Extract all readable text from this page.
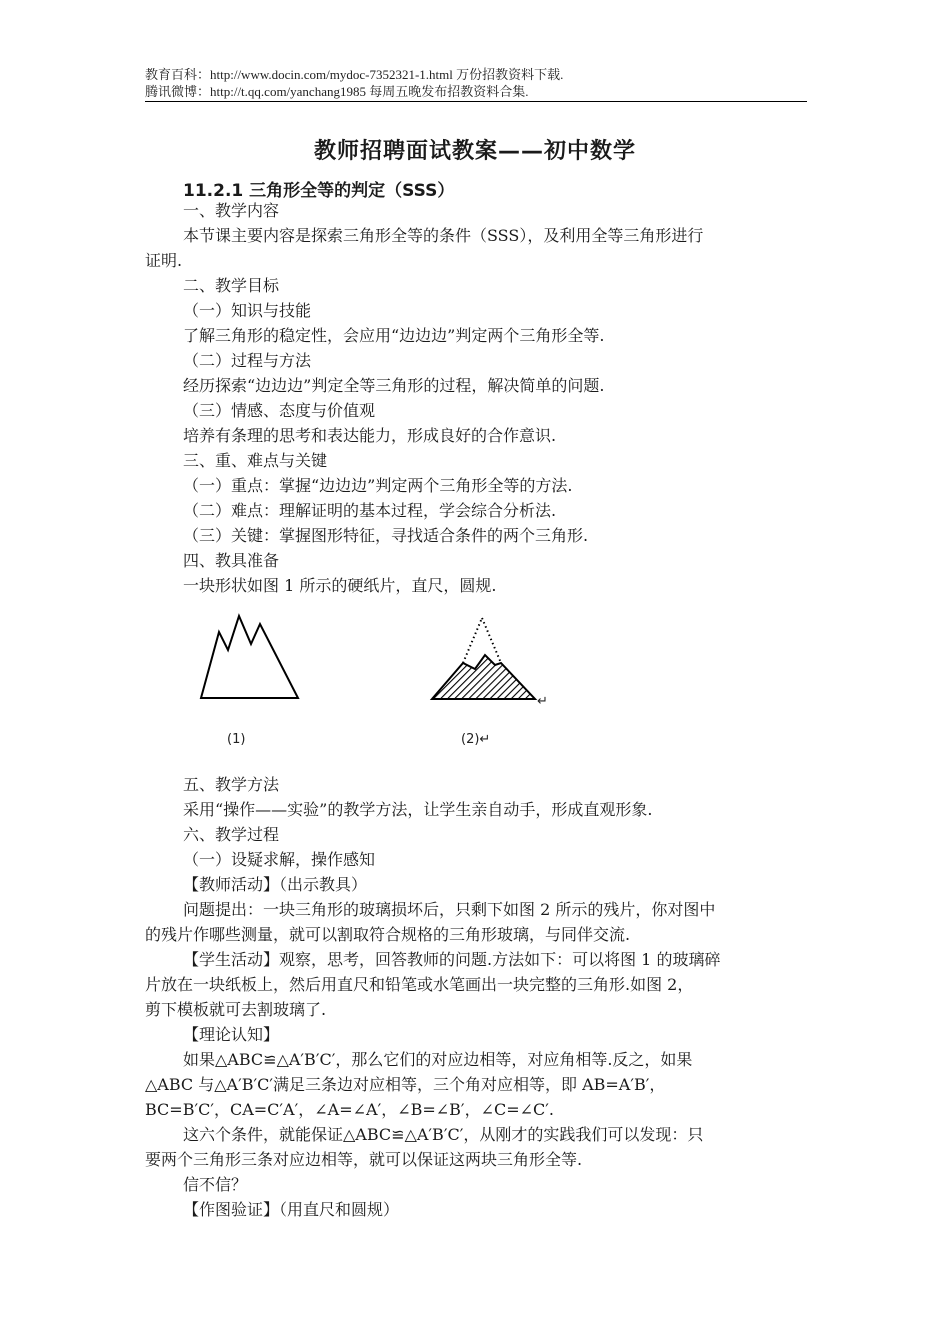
教育百科：http://www.docin.com/mydoc-7352321-1.html 万份招教资料下载.
腾讯微博：http://t.qq.com/yanchang1985 每周五晚发布招教资料合集.
教师招聘面试教案——初中数学
11.2.1 三角形全等的判定（SSS）
一、教学内容
本节课主要内容是探索三角形全等的条件（SSS），及利用全等三角形进行
证明.
二、教学目标
（一）知识与技能
了解三角形的稳定性，会应用“边边边”判定两个三角形全等.
（二）过程与方法
经历探索“边边边”判定全等三角形的过程，解决简单的问题.
（三）情感、态度与价值观
培养有条理的思考和表达能力，形成良好的合作意识.
三、重、难点与关键
（一）重点：掌握“边边边”判定两个三角形全等的方法.
（二）难点：理解证明的基本过程，学会综合分析法.
（三）关键：掌握图形特征，寻找适合条件的两个三角形.
四、教具准备
一块形状如图 1 所示的硬纸片，直尺，圆规.
(1)	(2)↵
↵
五、教学方法
采用“操作——实验”的教学方法，让学生亲自动手，形成直观形象.
六、教学过程
（一）设疑求解，操作感知
【教师活动】（出示教具）
问题提出：一块三角形的玻璃损坏后，只剩下如图 2 所示的残片，你对图中
的残片作哪些测量，就可以割取符合规格的三角形玻璃，与同伴交流.
【学生活动】观察，思考，回答教师的问题.方法如下：可以将图 1 的玻璃碎
片放在一块纸板上，然后用直尺和铅笔或水笔画出一块完整的三角形.如图 2，
剪下模板就可去割玻璃了.
【理论认知】
如果△ABC≌△A′B′C′，那么它们的对应边相等，对应角相等.反之，如果
△ABC 与△A′B′C′满足三条边对应相等，三个角对应相等，即 AB=A′B′，
BC=B′C′，CA=C′A′，∠A=∠A′，∠B=∠B′，∠C=∠C′.
这六个条件，就能保证△ABC≌△A′B′C′，从刚才的实践我们可以发现：只
要两个三角形三条对应边相等，就可以保证这两块三角形全等.
信不信？
【作图验证】（用直尺和圆规）
